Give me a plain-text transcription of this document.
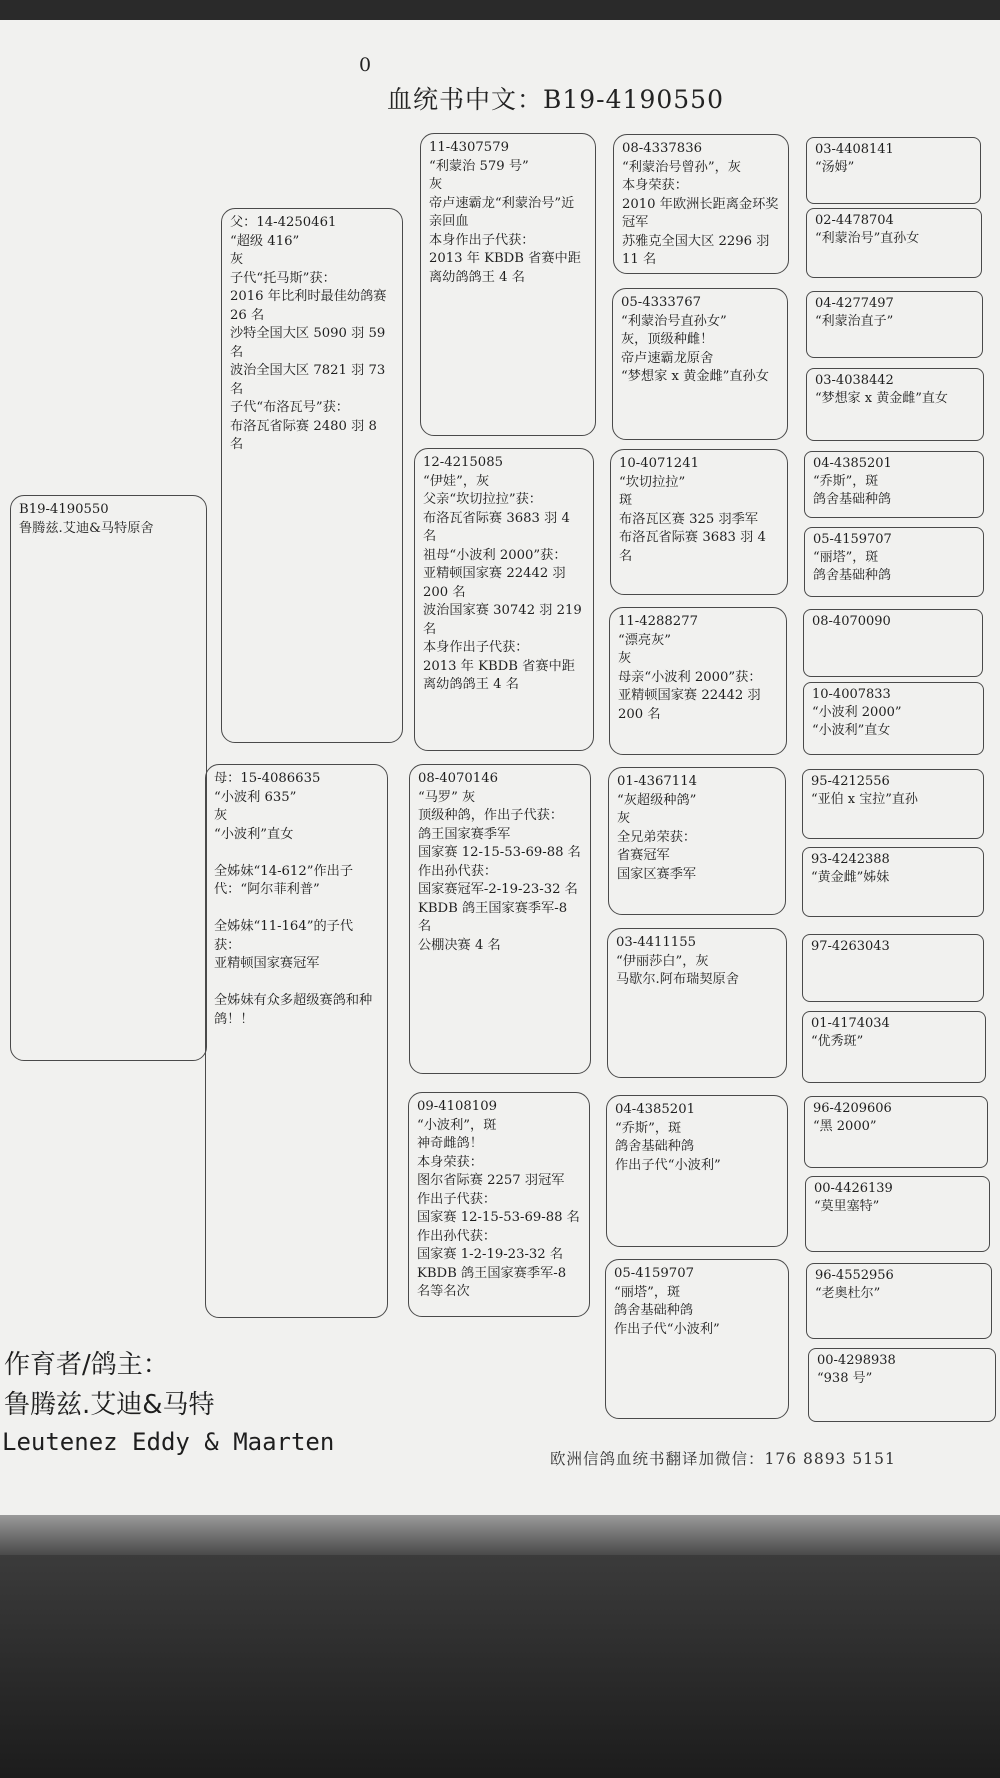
0
血统书中文：B19-4190550
B19-4190550
鲁腾兹.艾迪&马特原舍
父：14-4250461
“超级 416”
灰
子代“托马斯”获：
2016 年比利时最佳幼鸽赛 26 名
沙特全国大区 5090 羽 59 名
波治全国大区 7821 羽 73 名
子代“布洛瓦号”获：
布洛瓦省际赛 2480 羽 8 名
母：15-4086635
“小波利 635”
灰
“小波利”直女

全姊妹“14-612”作出子代：“阿尔菲利普”

全姊妹“11-164”的子代获：
亚精顿国家赛冠军

全姊妹有众多超级赛鸽和种鸽！！
11-4307579
“利蒙治 579 号”
灰
帝卢速霸龙“利蒙治号”近亲回血
本身作出子代获：
2013 年 KBDB 省赛中距离幼鸽鸽王 4 名
12-4215085
“伊娃”，灰
父亲“坎切拉拉”获：
布洛瓦省际赛 3683 羽 4 名
祖母“小波利 2000”获：
亚精顿国家赛 22442 羽 200 名
波治国家赛 30742 羽 219 名
本身作出子代获：
2013 年 KBDB 省赛中距离幼鸽鸽王 4 名
08-4070146
“马罗” 灰
顶级种鸽，作出子代获：
鸽王国家赛季军
国家赛 12-15-53-69-88 名
作出孙代获：
国家赛冠军-2-19-23-32 名
KBDB 鸽王国家赛季军-8 名
公棚决赛 4 名
09-4108109
“小波利”，斑
神奇雌鸽！
本身荣获：
图尔省际赛 2257 羽冠军
作出子代获：
国家赛 12-15-53-69-88 名
作出孙代获：
国家赛 1-2-19-23-32 名
KBDB 鸽王国家赛季军-8 名等名次
08-4337836
“利蒙治号曾孙”，灰
本身荣获：
2010 年欧洲长距离金环奖冠军
苏雅克全国大区 2296 羽 11 名
05-4333767
“利蒙治号直孙女”
灰，顶级种雌！
帝卢速霸龙原舍
“梦想家 x 黄金雌”直孙女
10-4071241
“坎切拉拉”
斑
布洛瓦区赛 325 羽季军
布洛瓦省际赛 3683 羽 4 名
11-4288277
“漂亮灰”
灰
母亲“小波利 2000”获：
亚精顿国家赛 22442 羽 200 名
01-4367114
“灰超级种鸽”
灰
全兄弟荣获：
省赛冠军
国家区赛季军
03-4411155
“伊丽莎白”，灰
马歇尔.阿布瑞契原舍
04-4385201
“乔斯”，斑
鸽舍基础种鸽
作出子代“小波利”
05-4159707
“丽塔”，斑
鸽舍基础种鸽
作出子代“小波利”
03-4408141
“汤姆”
02-4478704
“利蒙治号”直孙女
04-4277497
“利蒙治直子”
03-4038442
“梦想家 x 黄金雌”直女
04-4385201
“乔斯”，斑
鸽舍基础种鸽
05-4159707
“丽塔”，斑
鸽舍基础种鸽
08-4070090
10-4007833
“小波利 2000”
“小波利”直女
95-4212556
“亚伯 x 宝拉”直孙
93-4242388
“黄金雌”姊妹
97-4263043
01-4174034
“优秀斑”
96-4209606
“黑 2000”
00-4426139
“莫里塞特”
96-4552956
“老奥杜尔”
00-4298938
“938 号”
作育者/鸽主：
鲁腾兹.艾迪&马特
Leutenez Eddy & Maarten
欧洲信鸽血统书翻译加微信：176 8893 5151
